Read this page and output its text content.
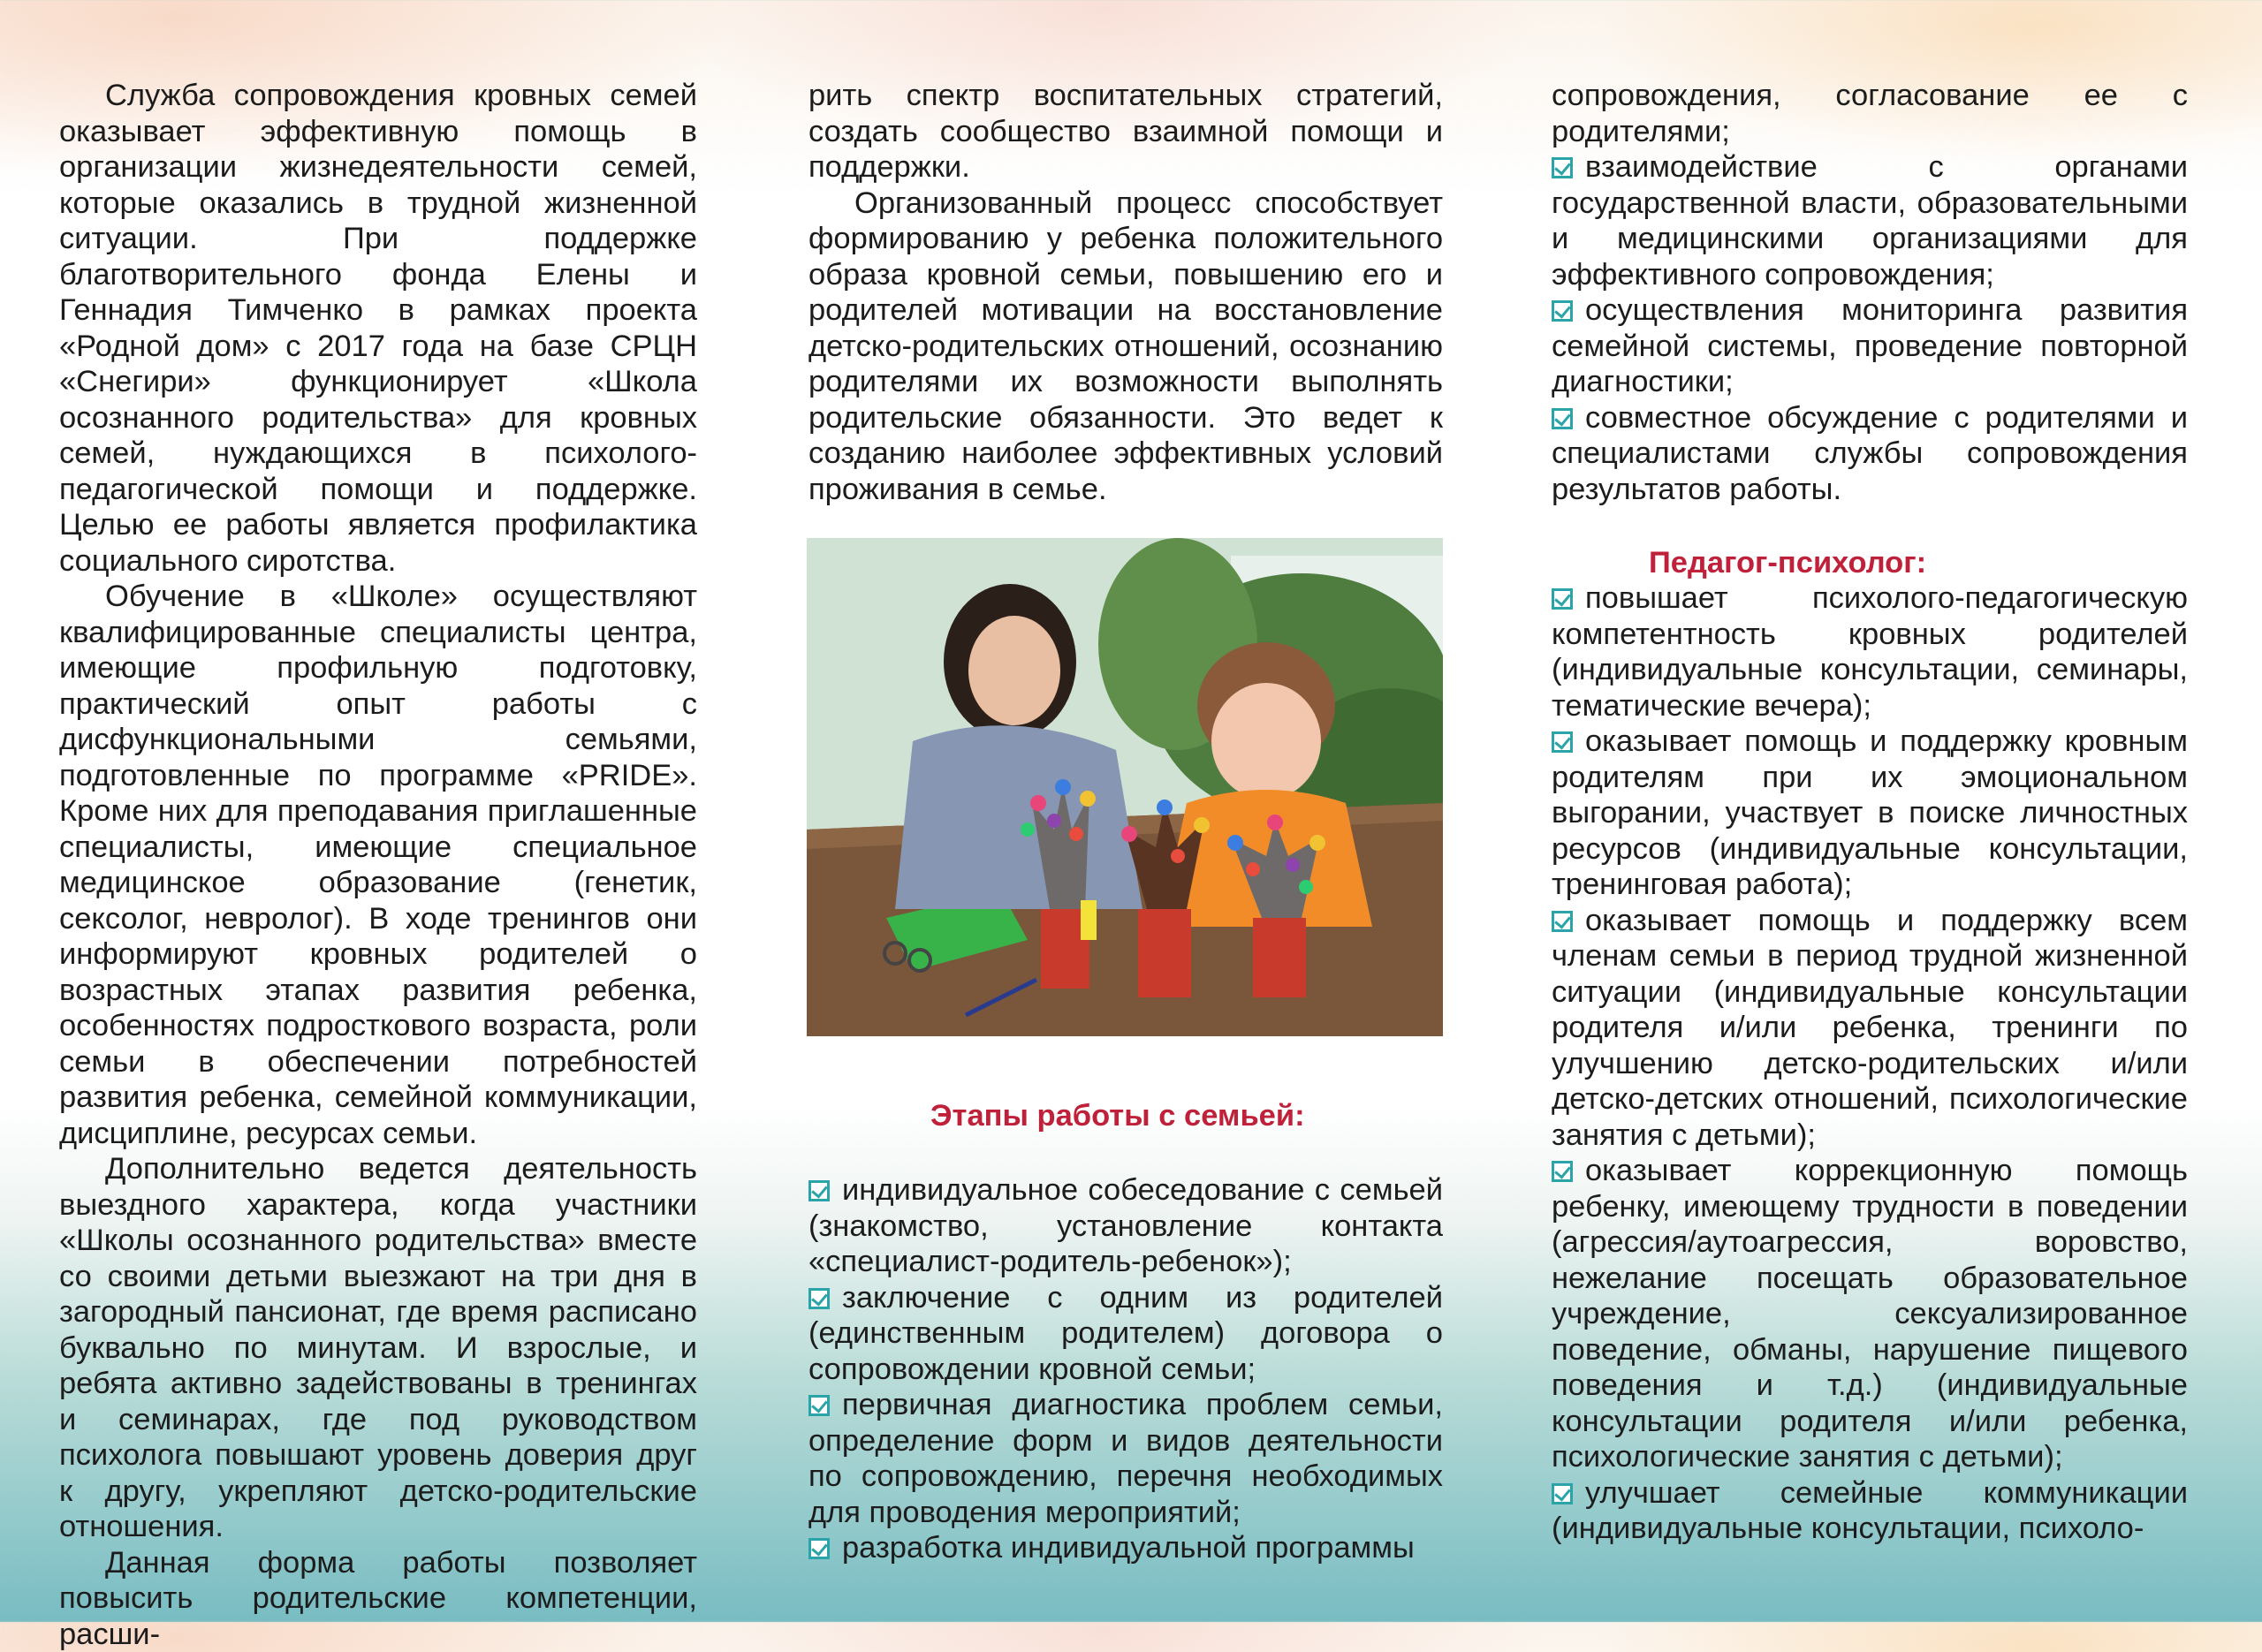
Служба сопровождения кровных семей оказывает эффективную помощь в организации жизнедеятельности семей, которые оказались в трудной жизненной ситуации. При поддержке благотворительного фонда Елены и Геннадия Тимченко в рамках проекта «Родной дом» с 2017 года на базе СРЦН «Снегири» функционирует «Школа осознанного родительства» для кровных семей, нуждающихся в психолого-педагогической помощи и поддержке. Целью ее работы является профилактика социального сиротства.

Обучение в «Школе» осуществляют квалифицированные специалисты центра, имеющие профильную подготовку, практический опыт работы с дисфункциональными семьями, подготовленные по программе «PRIDE». Кроме них для преподавания приглашенные специалисты, имеющие специальное медицинское образование (генетик, сексолог, невролог). В ходе тренингов они информируют кровных родителей о возрастных этапах развития ребенка, особенностях подросткового возраста, роли семьи в обеспечении потребностей развития ребенка, семейной коммуникации, дисциплине, ресурсах семьи.

Дополнительно ведется деятельность выездного характера, когда участники «Школы осознанного родительства» вместе со своими детьми выезжают на три дня в загородный пансионат, где время расписано буквально по минутам. И взрослые, и ребята активно задействованы в тренингах и семинарах, где под руководством психолога повышают уровень доверия друг к другу, укрепляют детско-родительские отношения.

Данная форма работы позволяет повысить родительские компетенции, расши-

рить спектр воспитательных стратегий, создать сообщество взаимной помощи и поддержки.

Организованный процесс способствует формированию у ребенка положительного образа кровной семьи, повышению его и родителей мотивации на восстановление детско-родительских отношений, осознанию родителями их возможности выполнять родительские обязанности. Это ведет к созданию наиболее эффективных условий проживания в семье.

Этапы работы с семьей:

индивидуальное собеседование с семьей (знакомство, установление контакта «специалист-родитель-ребенок»);

заключение с одним из родителей (единственным родителем) договора о сопровождении кровной семьи;

первичная диагностика проблем семьи, определение форм и видов деятельности по сопровождению, перечня необходимых для проводения мероприятий;

разработка индивидуальной программы

сопровождения, согласование ее с родителями;

взаимодействие с органами государственной власти, образовательными и медицинскими организациями для эффективного сопровождения;

осуществления мониторинга развития семейной системы, проведение повторной диагностики;

совместное обсуждение с родителями и специалистами службы сопровождения результатов работы.

Педагог-психолог:

повышает психолого-педагогическую компетентность кровных родителей (индивидуальные консультации, семинары, тематические вечера);

оказывает помощь и поддержку кровным родителям при их эмоциональном выгорании, участвует в поиске личностных ресурсов (индивидуальные консультации, тренинговая работа);

оказывает помощь и поддержку всем членам семьи в период трудной жизненной ситуации (индивидуальные консультации родителя и/или ребенка, тренинги по улучшению детско-родительских и/или детско-детских отношений, психологические занятия с детьми);

оказывает коррекционную помощь ребенку, имеющему трудности в поведении (агрессия/аутоагрессия, воровство, нежелание посещать образовательное учреждение, сексуализированное поведение, обманы, нарушение пищевого поведения и т.д.) (индивидуальные консультации родителя и/или ребенка, психологические занятия с детьми);

улучшает семейные коммуникации (индивидуальные консультации, психоло-
